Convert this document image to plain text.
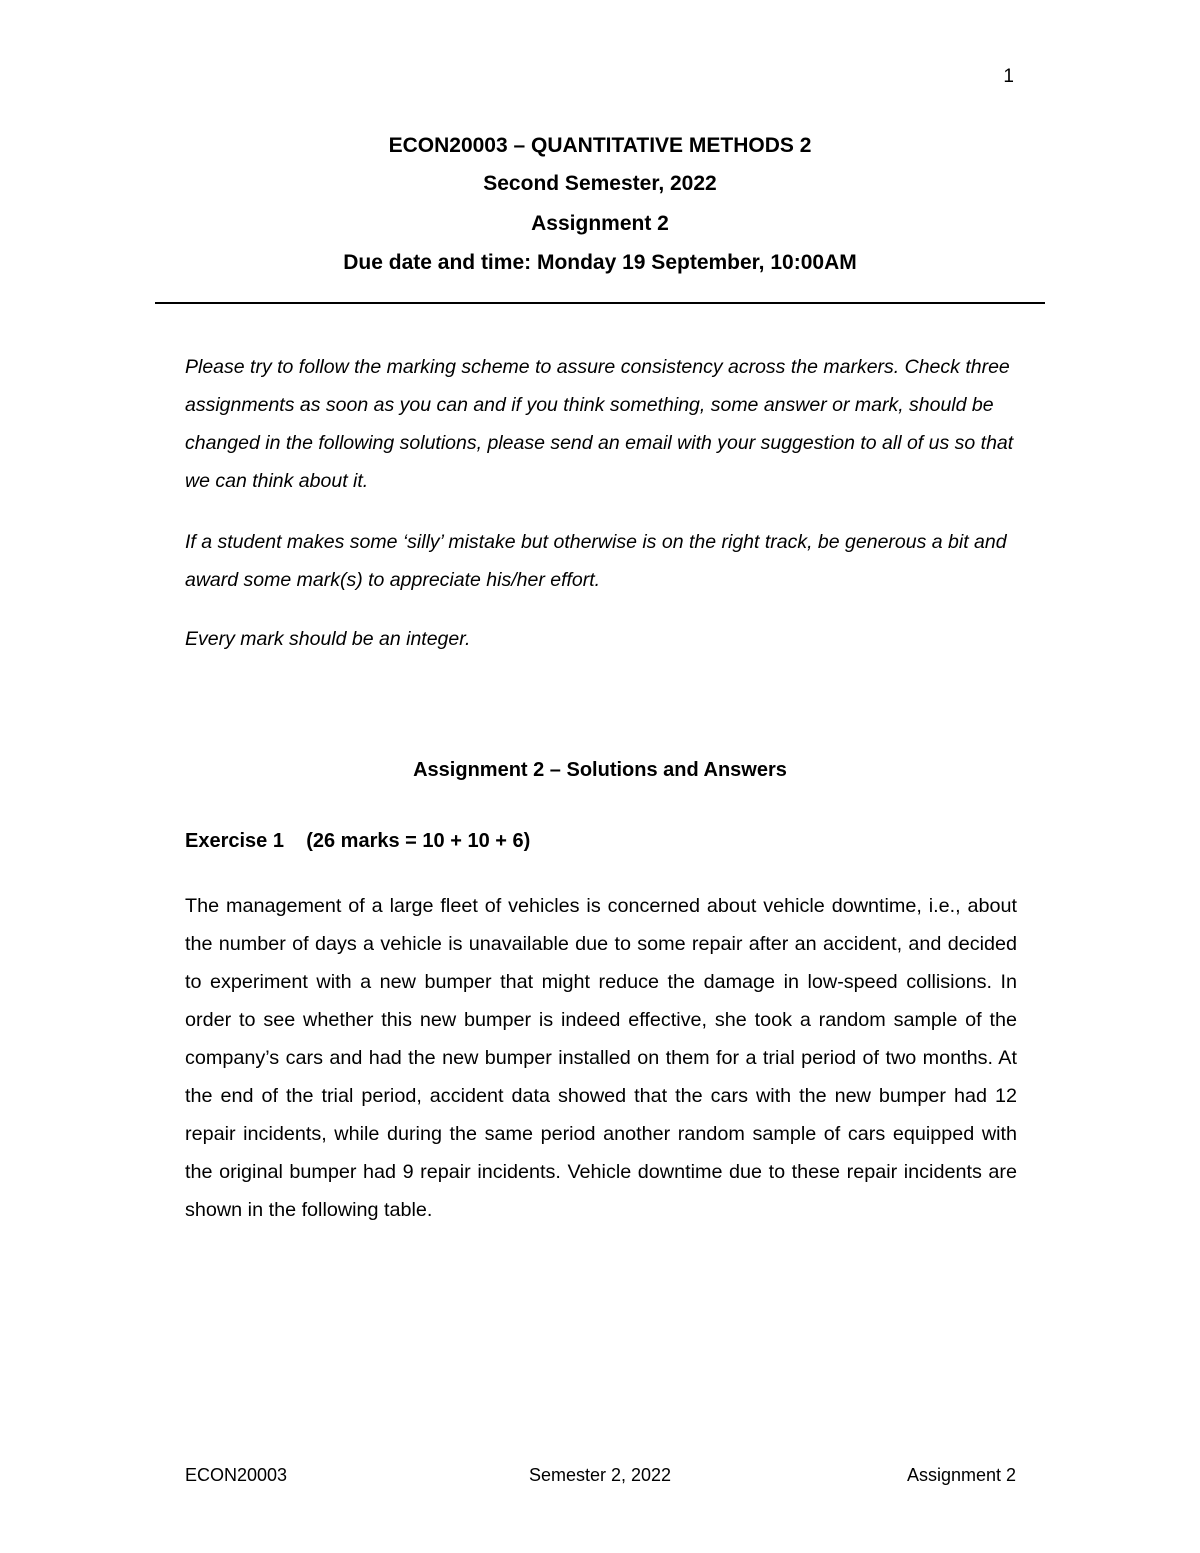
1
ECON20003 – QUANTITATIVE METHODS 2
Second Semester, 2022
Assignment 2
Due date and time: Monday 19 September, 10:00AM

Please try to follow the marking scheme to assure consistency across the markers. Check three assignments as soon as you can and if you think something, some answer or mark, should be changed in the following solutions, please send an email with your suggestion to all of us so that we can think about it.

If a student makes some ‘silly’ mistake but otherwise is on the right track, be generous a bit and award some mark(s) to appreciate his/her effort.

Every mark should be an integer.

Assignment 2 – Solutions and Answers
Exercise 1 (26 marks = 10 + 10 + 6)

The management of a large fleet of vehicles is concerned about vehicle downtime, i.e., about the number of days a vehicle is unavailable due to some repair after an accident, and decided to experiment with a new bumper that might reduce the damage in low-speed collisions. In order to see whether this new bumper is indeed effective, she took a random sample of the company’s cars and had the new bumper installed on them for a trial period of two months. At the end of the trial period, accident data showed that the cars with the new bumper had 12 repair incidents, while during the same period another random sample of cars equipped with the original bumper had 9 repair incidents. Vehicle downtime due to these repair incidents are shown in the following table.

ECON20003	Semester 2, 2022	Assignment 2
